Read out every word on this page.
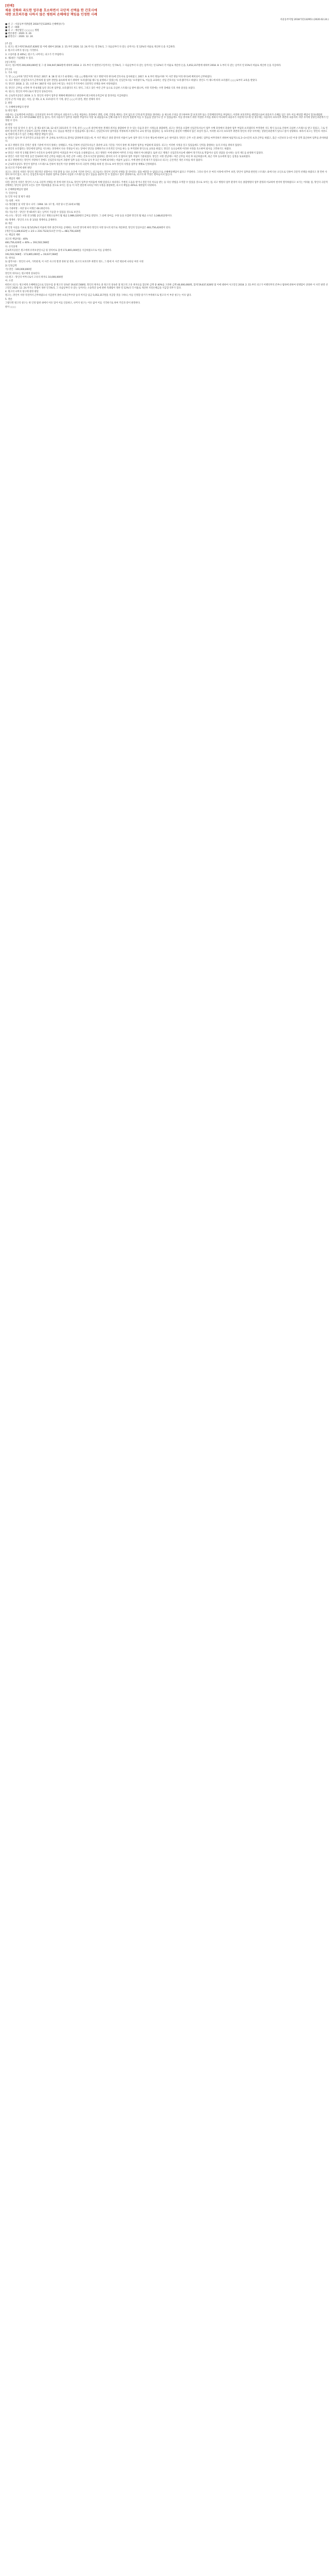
[판례]
채용 강화와 과도한 업무를 호소하면서 극단적 선택을 한 간호사에
대한 보호의무를 다하지 않은 병원의 손해배상 책임을 인정한 사례
서울동부지법 2018가단132951 (2020.02.24.)
■ 선 고 : 서울동부지방법원 2018가단132951 손해배상(기)
■ 원 고 : 000
■ 피 고 : 재단법인 ○○○○○ 병원
■ 변론종결 : 2020. 0. 24.
■ 판결선고 : 2020. 12. 24.
[주 문]
1. 피고는 원고에게 59,637,628원 및 이에 대하여 2018. 2. 15.부터 2020. 12. 24.까지는 연 5%의, 그 다음날부터 다 갚는 날까지는 연 12%의 비율로 계산한 돈을 지급하라.
2. 원고의 나머지 청구를 기각한다.
3. 소송비용 중 40%는 원고가, 나머지는 피고가 각 부담한다.
4. 제1항은 가집행할 수 있다.
[청구취지]
피고는 원고에게 200,000,000원 및 그 중 194,947,683원에 대하여 2018. 2. 15.부터 이 판결선고일까지는 연 5%의, 그 다음날부터 다 갚는 날까지는 연 12%의 각 비율로 계산한 돈을, 5,052,317원에 대하여 2018. 8. 1.부터 다 갚는 날까지 연 15%의 비율로 계산한 돈을 지급하라.
[이 유]
1. 기초 사실
가. 망 ○○○(이하 '망인'이라 한다)은 2017. 8. 18.경 피고가 운영하는 서울 ○○병원(이하 '피고 병원'이라 한다)에 간호사로 입사하였고, 2017. 9. 4.부터 병동(이하 '이 사건 병동'이라 한다)에 배치되어 근무하였다.
나. 피고 병원은 신입간호사가 근무하게 될 업무 전반을 습득하게 하기 위하여 '프리셉터쉽 제도'를 운영하고 있었는데, 신입간호사를 '프리셉티'로, 이들을 교육하는 선임 간호사를 '프리셉터'라고 하였다. 망인도 이 제도에 따라 프리셉터 ○○○로부터 교육을 받았다.
다. 망인은 2018. 2. 15. 오전 9시 30분경 서울 송파구에 있는 자신의 주거지에서 극단적인 선택을 하여 사망하였다.
라. 망인은 근무를 시작한 후 약 6개월 동안 과도한 업무량, 프리셉터의 지도 방식, 그리고 잦은 야간 근무 등으로 극심한 스트레스를 받아 왔으며, 사망 직전에는 수면 장애와 식욕 저하 증상을 보였다.
마. 원고는 망인의 어머니로서 망인의 상속인이다.
바. 근로복지공단은 2019. 3. 5. 망인의 사망이 업무상 재해에 해당한다고 판단하여 원고에게 유족급여 및 장의비를 지급하였다.
[인정 근거] 다툼 없는 사실, 갑 제1, 2, 6, 11호증의 각 기재, 증인 ○○○의 증언, 변론 전체의 취지
2. 판단
가. 손해배상책임의 발생
1) 관련 법리
사용자는 근로계약에 수반되는 신의칙상의 부수적 의무로서 피용자가 노무를 제공하는 과정에서 생명, 신체, 건강을 해치는 일이 없도록 인적·물적 환경을 정비하는 등 필요한 조치를 강구하여야 할 보호의무 또는 안전배려의무를 부담하고, 이러한 보호의무를 위반함으로써 피용자가 손해를 입은 경우 이를 배상할 책임이 있다(대법원 1999. 2. 23. 선고 97다12082 판결 등 참조). 특히 사용자가 업무상 과중한 부담이나 직장 내 괴롭힘으로 인해 피용자가 정신적 질환에 이를 수 있음을 알았거나 알 수 있었음에도 이를 방지하기 위한 적절한 조치를 취하지 아니하여 피용자가 자살에 이르게 된 경우에는 사용자의 보호의무 위반과 피용자의 사망 사이에 상당인과관계가 인정될 수 있다.
2) 판단
위 인정 사실 및 앞서 든 증거, 갑 제3 내지 10, 12 내지 15호증의 각 기재, 증인 ○○○의 증언에 변론 전체의 취지를 종합하여 알 수 있는 다음과 같은 사정들을 종합하면, 피고는 망인을 포함한 신입간호사들이 업무 수행 과정에서 과중한 업무 부담과 프리셉터의 부적절한 지도 방식 등으로 인하여 극심한 스트레스를 받고 있었고, 그로 인하여 정신적 건강이 손상되어 극단적 선택에 이를 수도 있음을 예견할 수 있었음에도 불구하고, 신입간호사의 업무량을 적정하게 조절하거나 교육 방식을 점검하는 등 보호의무를 충실히 이행하지 않은 과실이 있고, 이러한 피고의 보호의무 위반과 망인의 사망 사이에는 상당인과관계가 있다고 봄이 상당하다. 따라서 피고는 망인의 사망으로 인하여 원고가 입은 손해를 배상할 책임이 있다.
① 망인은 입사 후 약 2주간의 교육을 받은 후 곧바로 독자적으로 환자를 담당하게 되었는데, 이 사건 병동은 중증 환자의 비율이 높아 업무 강도가 다른 병동에 비하여 높은 편이었다. 망인은 근무 시간 외에도 업무를 마무리하기 위하여 평균적으로 2~3시간의 초과 근무를 하였고, 출근 시간보다 1시간 이상 일찍 출근하여 업무를 준비하였다.
② 피고 병원의 간호 인력은 법정 기준에 미치지 못하는 상태였고, 이로 인하여 신입간호사들은 충분한 교육 기간을 거치지 못한 채 과중한 업무를 부담하게 되었다. 피고는 이러한 사정을 알고 있었음에도 인력을 충원하는 등의 조치를 취하지 않았다.
③ 망인의 프리셉터는 망인에게 업무를 지도하는 과정에서 다른 직원들이 보는 앞에서 망인을 질책하거나 모욕적인 언사를 하는 등 부적절한 방식으로 교육을 하였고, 망인은 동료들에게 이러한 사정을 호소하며 퇴사를 고민하기도 하였다.
④ 망인은 사망 약 1개월 전부터 수간호사 등에게 업무의 어려움과 부서 이동을 요청하였으나, 피고 병원은 이에 대하여 아무런 조치를 취하지 아니하였다. 또한 피고 병원은 신입간호사들에 대하여 정기적으로 면담이나 심리 상담을 실시하는 등의 제도를 운영하지 않았다.
⑤ 망인은 사망 직전 며칠 동안 연속하여 야간 근무를 하였는데, 야간 근무 시에는 간호사 1인당 담당하는 환자의 수가 더 많아져 업무 부담이 가중되었다. 망인은 사망 전날에도 야간 근무를 마친 후 퇴근하였으며, 퇴근 직후 동료에게 힘든 심정을 토로하였다.
⑥ 피고 병원에서는 망인이 사망하기 전에도 신입간호사들이 과중한 업무 등을 이유로 입사 후 1년 이내에 퇴사하는 비율이 높았고, 이에 관한 문제 제기가 있었으나 피고는 근본적인 개선 조치를 하지 않았다.
⑦ 근로복지공단도 망인이 업무상 스트레스로 인하여 정신적 이상 상태에 이르러 극단적 선택을 하게 된 것으로 보아 망인의 사망을 업무상 재해로 인정하였다.
3) 피고의 주장에 대한 판단
피고는, 망인의 사망은 망인의 개인적인 성향이나 가정 환경 등 다른 요인에 기인한 것이고, 피고로서는 망인이 극단적 선택을 할 것이라는 점을 예견할 수 없었으므로 손해배상책임이 없다고 주장한다. 그러나 앞서 본 여러 사정에 비추어 보면, 망인이 업무와 관련된 스트레스 외에 다른 요인으로 인하여 극단적 선택을 하였다고 볼 만한 사정이 보이지 않고, 피고는 신입간호사들이 과중한 업무로 인하여 극심한 스트레스를 받고 있음을 충분히 알 수 있었다고 봄이 상당하므로, 피고의 위 주장은 받아들이지 않는다.
나. 책임의 제한
다만, 망인의 사망은 망인이 스스로 극단적 선택을 한 것에 의한 것으로, 망인이 업무상 어려움에 처해 있었다고 하더라도 주변의 도움을 받거나 전문가의 치료를 받는 등 다른 방법을 모색할 수 있었을 것으로 보이는 점, 피고 병원의 업무 환경이 다른 종합병원의 업무 환경과 비교하여 현저히 열악하였다고 보기는 어려운 점, 망인의 극단적 선택에는 망인의 심리적 요인도 일부 작용하였을 것으로 보이는 점 등 이 사건 변론에 나타난 여러 사정을 종합하면, 피고의 책임을 40%로 제한함이 타당하다.
3. 손해배상책임의 범위
가. 일실수입
1) 인정 사실 및 평가 내용
가) 성별 : 여자
나) 생년월일 및 사망 당시 나이 : 1994. 10. 17.생, 사망 당시 만 23세 4개월
다) 기대여명 : 사망 당시 여명은 60.35년이다.
라) 가동기간 : 망인은 만 65세가 되는 날까지 가동할 수 있었을 것으로 보인다.
마) 소득 : 망인은 사망 전 3개월 동안 피고 병원으로부터 월 평균 2,989,320원의 급여를 받았다. 그 외에 상여금, 수당 등을 포함한 망인의 월 평균 소득은 3,348,612원이다.
바) 생계비 : 망인의 소득 중 1/3을 생계비로 공제한다.
2) 계산
위 인정 사실을 기초로 월 5/12%의 비율에 의한 중간이자를 공제하는 호프만 방식에 따라 망인의 사망 당시의 현가로 계산하면, 망인의 일실수입은 483,756,420원이 된다.
[계산식] 3,348,612원 × 2/3 × 216.7123(호프만 수치) = 483,756,420원
나. 책임의 제한
피고의 책임비율 : 40%
483,756,420원 × 40% = 193,502,568원
다. 손익상계
근로복지공단은 원고에게 유족보상일시금 및 장의비로 합계 173,865,000원을 지급하였으므로 이를 공제한다.
193,502,568원 - 173,865,000원 = 19,637,568원
라. 위자료
1) 참작사유 : 망인의 나이, 가족관계, 이 사건 사고의 발생 경위 및 결과, 피고의 보호의무 위반의 정도, 그 밖에 이 사건 변론에 나타난 여러 사정
2) 인정금액
가) 망인 : 100,000,000원
망인의 위자료는 원고에게 상속된다.
나) 원고 : 망인의 어머니로서 고유의 위자료 10,000,000원
마. 소결
따라서 피고는 원고에게 손해배상금으로 일실수입 중 원고의 상속분 19,637,568원, 망인의 위자료 중 원고의 상속분 및 원고의 고유 위자료를 합산한 금액 중 40%를 고려한 금액 40,000,060원, 합계 59,637,628원 및 이에 대하여 사고일인 2018. 2. 15.부터 피고가 이행의무의 존부나 범위에 관하여 항쟁함이 상당한 이 사건 판결 선고일인 2020. 12. 24.까지는 민법이 정한 연 5%의, 그 다음날부터 다 갚는 날까지는 소송촉진 등에 관한 특례법이 정한 연 12%의 각 비율로 계산한 지연손해금을 지급할 의무가 있다.
4. 원고의 나머지 청구에 관한 판단
원고는, 망인이 사망 직전까지 근무하였으나 지급받지 못한 초과근무수당 등의 미지급 임금 5,052,317원을 지급할 것을 구하나, 이를 인정할 증거가 부족하므로 원고의 이 부분 청구는 이유 없다.
5. 결론
그렇다면 원고의 청구는 위 인정 범위 내에서 이유 있어 이를 인용하고, 나머지 청구는 이유 없어 이를 기각하기로 하여 주문과 같이 판결한다.
판사 ○○○
